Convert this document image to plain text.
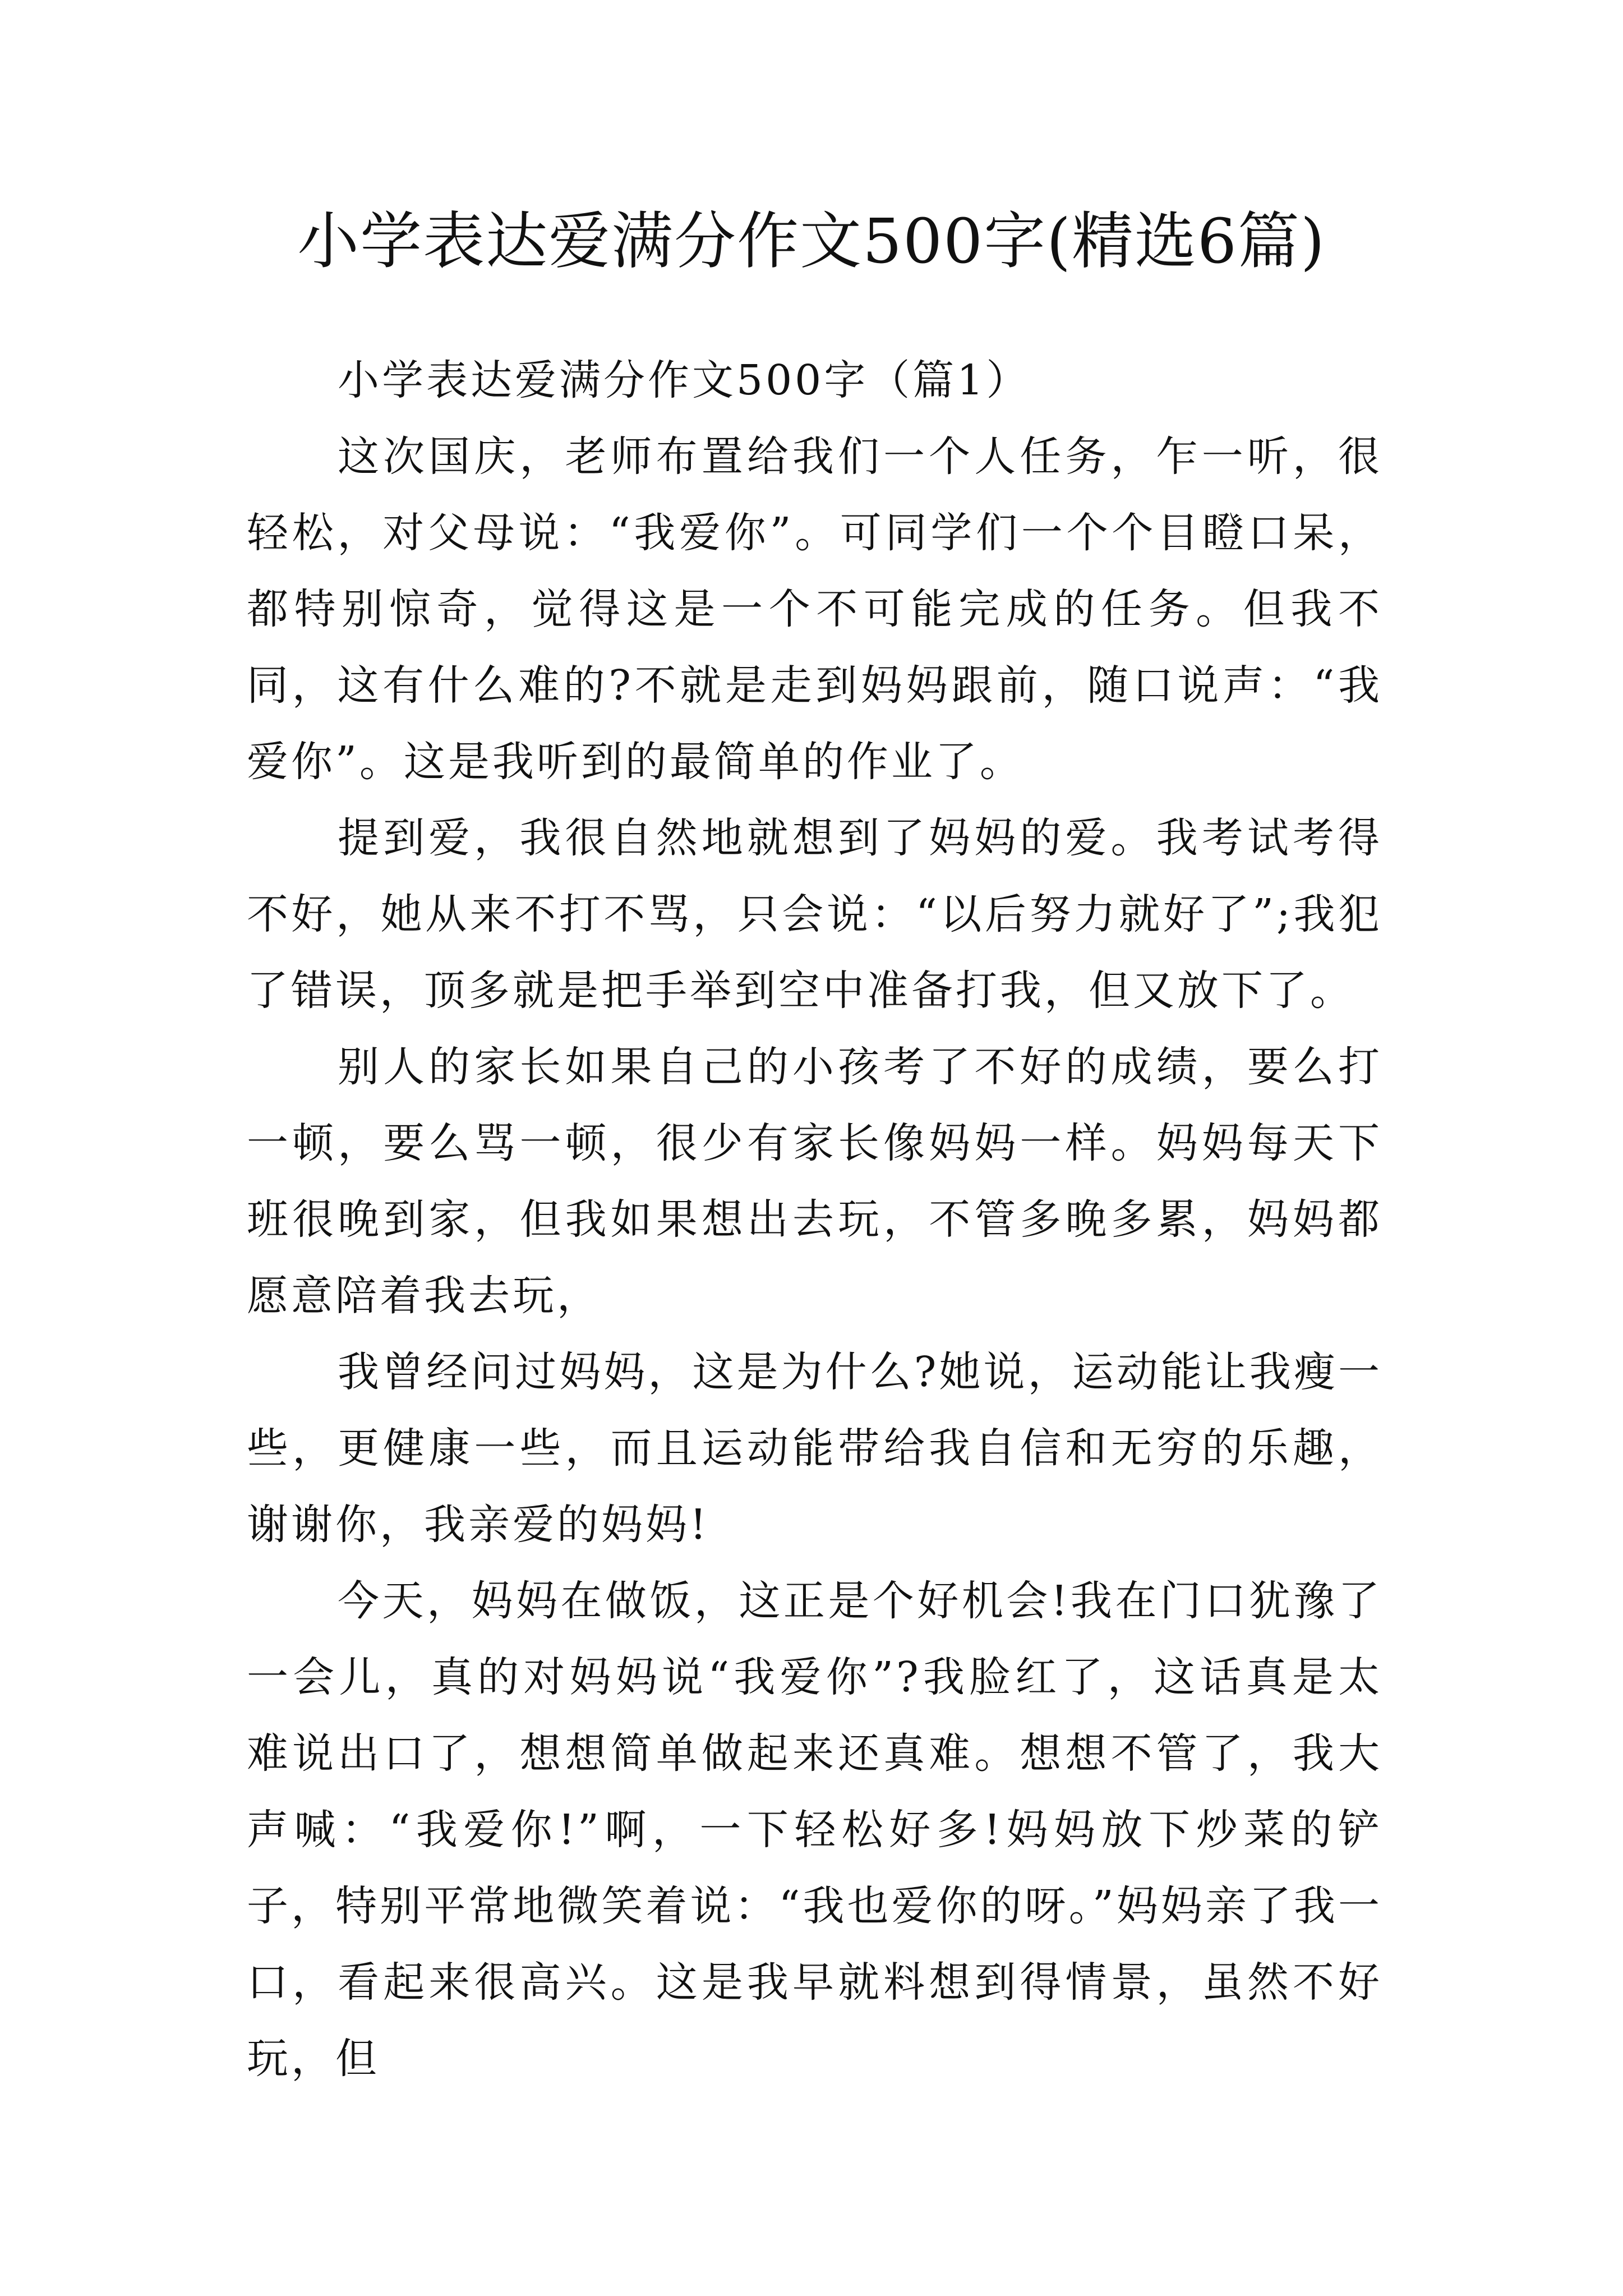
小学表达爱满分作文500字(精选6篇)

小学表达爱满分作文500字（篇1）

这次国庆，老师布置给我们一个人任务，乍一听，很轻松，对父母说：“我爱你”。可同学们一个个目瞪口呆，都特别惊奇，觉得这是一个不可能完成的任务。但我不同，这有什么难的?不就是走到妈妈跟前，随口说声：“我爱你”。这是我听到的最简单的作业了。

提到爱，我很自然地就想到了妈妈的爱。我考试考得不好，她从来不打不骂，只会说：“以后努力就好了”;我犯了错误，顶多就是把手举到空中准备打我，但又放下了。

别人的家长如果自己的小孩考了不好的成绩，要么打一顿，要么骂一顿，很少有家长像妈妈一样。妈妈每天下班很晚到家，但我如果想出去玩，不管多晚多累，妈妈都愿意陪着我去玩，

我曾经问过妈妈，这是为什么?她说，运动能让我瘦一些，更健康一些，而且运动能带给我自信和无穷的乐趣，谢谢你，我亲爱的妈妈!

今天，妈妈在做饭，这正是个好机会!我在门口犹豫了一会儿，真的对妈妈说“我爱你”?我脸红了，这话真是太难说出口了，想想简单做起来还真难。想想不管了，我大声喊：“我爱你!”啊，一下轻松好多!妈妈放下炒菜的铲子，特别平常地微笑着说：“我也爱你的呀。”妈妈亲了我一口，看起来很高兴。这是我早就料想到得情景，虽然不好玩，但
